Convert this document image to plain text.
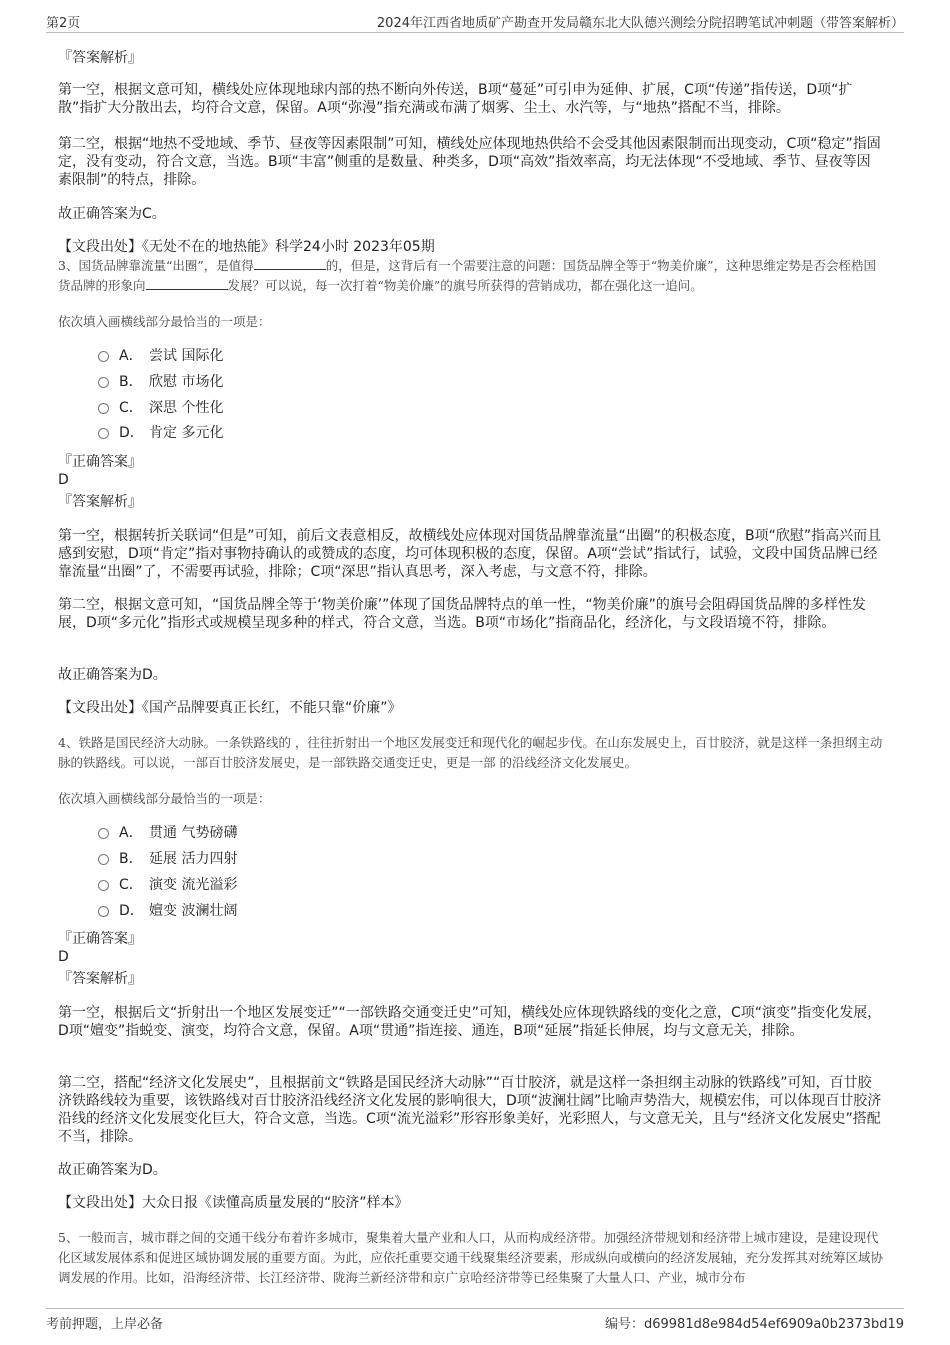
第2页	2024年江西省地质矿产勘查开发局赣东北大队德兴测绘分院招聘笔试冲刺题（带答案解析）
『答案解析』
第一空，根据文意可知，横线处应体现地球内部的热不断向外传送，B项“蔓延”可引申为延伸、扩展，C项“传递”指传送，D项“扩散”指扩大分散出去，均符合文意，保留。A项“弥漫”指充满或布满了烟雾、尘土、水汽等，与“地热”搭配不当，排除。
第二空，根据“地热不受地域、季节、昼夜等因素限制”可知，横线处应体现地热供给不会受其他因素限制而出现变动，C项“稳定”指固定，没有变动，符合文意，当选。B项“丰富”侧重的是数量、种类多，D项“高效”指效率高，均无法体现“不受地域、季节、昼夜等因素限制”的特点，排除。
故正确答案为C。
【文段出处】《无处不在的地热能》科学24小时 2023年05期
3、国货品牌靠流量“出圈”，是值得	的，但是，这背后有一个需要注意的问题：国货品牌全等于“物美价廉”，这种思维定势是否会桎梏国货品牌的形象向	发展？可以说，每一次打着“物美价廉”的旗号所获得的营销成功，都在强化这一追问。
依次填入画横线部分最恰当的一项是：
A． 尝试 国际化
B． 欣慰 市场化
C． 深思 个性化
D． 肯定 多元化
『正确答案』
D
『答案解析』
第一空，根据转折关联词“但是”可知，前后文表意相反，故横线处应体现对国货品牌靠流量“出圈”的积极态度，B项“欣慰”指高兴而且感到安慰，D项“肯定”指对事物持确认的或赞成的态度，均可体现积极的态度，保留。A项“尝试”指试行，试验，文段中国货品牌已经靠流量“出圈”了，不需要再试验，排除；C项“深思”指认真思考，深入考虑，与文意不符，排除。
第二空，根据文意可知，“国货品牌全等于‘物美价廉’”体现了国货品牌特点的单一性，“物美价廉”的旗号会阻碍国货品牌的多样性发展，D项“多元化”指形式或规模呈现多种的样式，符合文意，当选。B项“市场化”指商品化，经济化，与文段语境不符，排除。
故正确答案为D。
【文段出处】《国产品牌要真正长红，不能只靠“价廉”》
4、铁路是国民经济大动脉。一条铁路线的 ，往往折射出一个地区发展变迁和现代化的崛起步伐。在山东发展史上，百廿胶济，就是这样一条担纲主动脉的铁路线。可以说，一部百廿胶济发展史，是一部铁路交通变迁史，更是一部 的沿线经济文化发展史。
依次填入画横线部分最恰当的一项是：
A． 贯通 气势磅礴
B． 延展 活力四射
C． 演变 流光溢彩
D． 嬗变 波澜壮阔
『正确答案』
D
『答案解析』
第一空，根据后文“折射出一个地区发展变迁”“一部铁路交通变迁史”可知，横线处应体现铁路线的变化之意，C项“演变”指变化发展，D项“嬗变”指蜕变、演变，均符合文意，保留。A项“贯通”指连接、通连，B项“延展”指延长伸展，均与文意无关，排除。
第二空，搭配“经济文化发展史”，且根据前文“铁路是国民经济大动脉”“百廿胶济，就是这样一条担纲主动脉的铁路线”可知，百廿胶济铁路线较为重要，该铁路线对百廿胶济沿线经济文化发展的影响很大，D项“波澜壮阔”比喻声势浩大，规模宏伟，可以体现百廿胶济沿线的经济文化发展变化巨大，符合文意，当选。C项“流光溢彩”形容形象美好，光彩照人，与文意无关，且与“经济文化发展史”搭配不当，排除。
故正确答案为D。
【文段出处】大众日报《读懂高质量发展的“胶济”样本》
5、一般而言，城市群之间的交通干线分布着许多城市，聚集着大量产业和人口，从而构成经济带。加强经济带规划和经济带上城市建设，是建设现代化区域发展体系和促进区域协调发展的重要方面。为此，应依托重要交通干线聚集经济要素，形成纵向或横向的经济发展轴，充分发挥其对统筹区域协调发展的作用。比如，沿海经济带、长江经济带、陇海兰新经济带和京广京哈经济带等已经集聚了大量人口、产业，城市分布
考前押题，上岸必备	编号：d69981d8e984d54ef6909a0b2373bd19
